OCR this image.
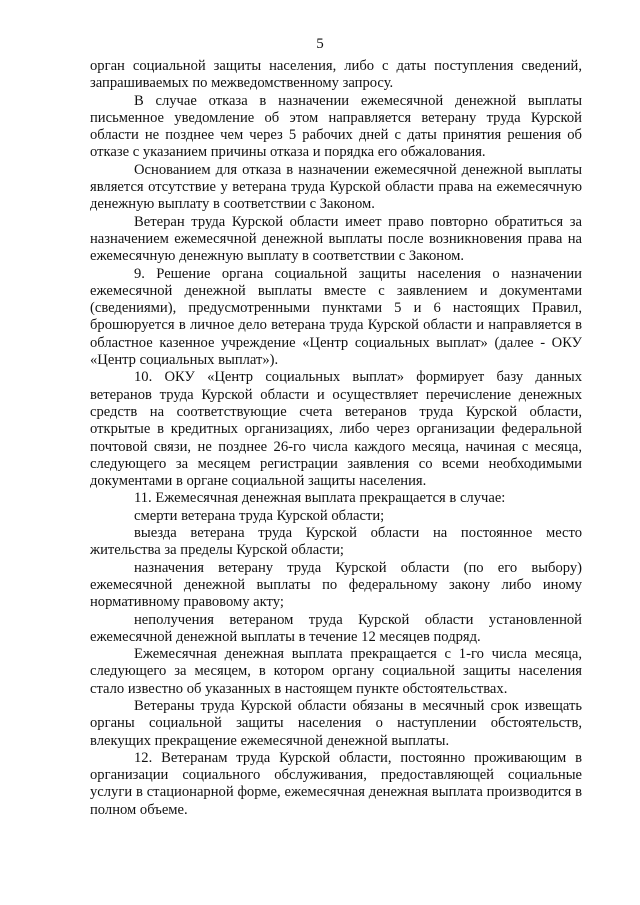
5

орган социальной защиты населения, либо с даты поступления сведений, запрашиваемых по межведомственному запросу.

В случае отказа в назначении ежемесячной денежной выплаты письменное уведомление об этом направляется ветерану труда Курской области не позднее чем через 5 рабочих дней с даты принятия решения об отказе с указанием причины отказа и порядка его обжалования.

Основанием для отказа в назначении ежемесячной денежной выплаты является отсутствие у ветерана труда Курской области права на ежемесячную денежную выплату в соответствии с Законом.

Ветеран труда Курской области имеет право повторно обратиться за назначением ежемесячной денежной выплаты после возникновения права на ежемесячную денежную выплату в соответствии с Законом.

9. Решение органа социальной защиты населения о назначении ежемесячной денежной выплаты вместе с заявлением и документами (сведениями), предусмотренными пунктами 5 и 6 настоящих Правил, брошюруется в личное дело ветерана труда Курской области и направляется в областное казенное учреждение «Центр социальных выплат» (далее - ОКУ «Центр социальных выплат»).

10. ОКУ «Центр социальных выплат» формирует базу данных ветеранов труда Курской области и осуществляет перечисление денежных средств на соответствующие счета ветеранов труда Курской области, открытые в кредитных организациях, либо через организации федеральной почтовой связи, не позднее 26-го числа каждого месяца, начиная с месяца, следующего за месяцем регистрации заявления со всеми необходимыми документами в органе социальной защиты населения.

11. Ежемесячная денежная выплата прекращается в случае:

смерти ветерана труда Курской области;

выезда ветерана труда Курской области на постоянное место жительства за пределы Курской области;

назначения ветерану труда Курской области (по его выбору) ежемесячной денежной выплаты по федеральному закону либо иному нормативному правовому акту;

неполучения ветераном труда Курской области установленной ежемесячной денежной выплаты в течение 12 месяцев подряд.

Ежемесячная денежная выплата прекращается с 1-го числа месяца, следующего за месяцем, в котором органу социальной защиты населения стало известно об указанных в настоящем пункте обстоятельствах.

Ветераны труда Курской области обязаны в месячный срок извещать органы социальной защиты населения о наступлении обстоятельств, влекущих прекращение ежемесячной денежной выплаты.

12. Ветеранам труда Курской области, постоянно проживающим в организации социального обслуживания, предоставляющей социальные услуги в стационарной форме, ежемесячная денежная выплата производится в полном объеме.
